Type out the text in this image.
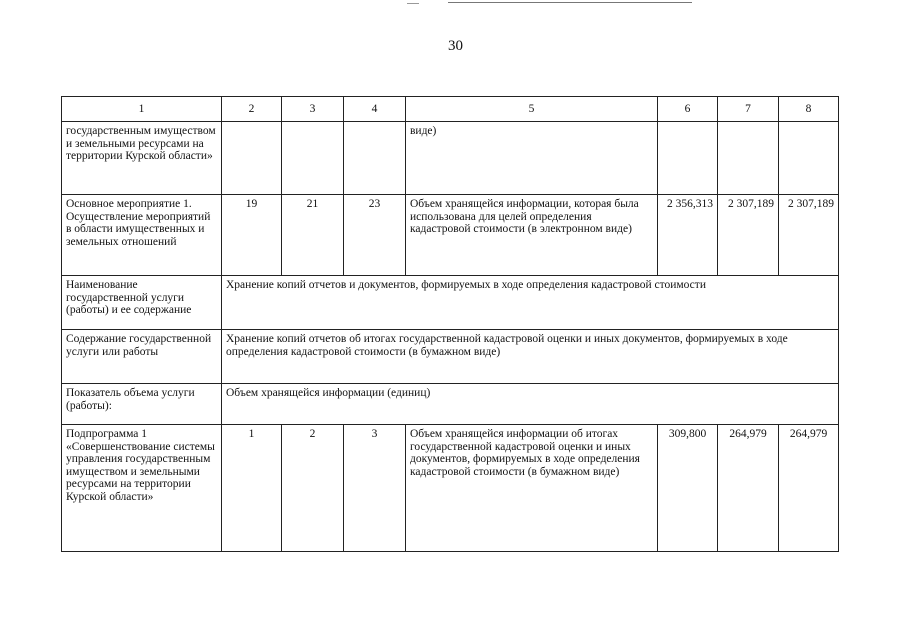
30
1	2	3	4	5	6	7	8
государственным имуществом и земельными ресурсами на территории Курской области»				виде)			
Основное мероприятие 1. Осуществление мероприятий в области имущественных и земельных отношений	19	21	23	Объем хранящейся информации, которая была использована для целей определения кадастровой стоимости (в электронном виде)	2 356,313	2 307,189	2 307,189
Наименование государственной услуги (работы) и ее содержание	Хранение копий отчетов и документов, формируемых в ходе определения кадастровой стоимости						
Содержание государственной услуги или работы	Хранение копий отчетов об итогах государственной кадастровой оценки и иных документов, формируемых в ходе определения кадастровой стоимости (в бумажном виде)						
Показатель объема услуги (работы):	Объем хранящейся информации (единиц)						
Подпрограмма 1 «Совершенствование системы управления государственным имуществом и земельными ресурсами на территории Курской области»	1	2	3	Объем хранящейся информации об итогах государственной кадастровой оценки и иных документов, формируемых в ходе определения кадастровой стоимости (в бумажном виде)	309,800	264,979	264,979
